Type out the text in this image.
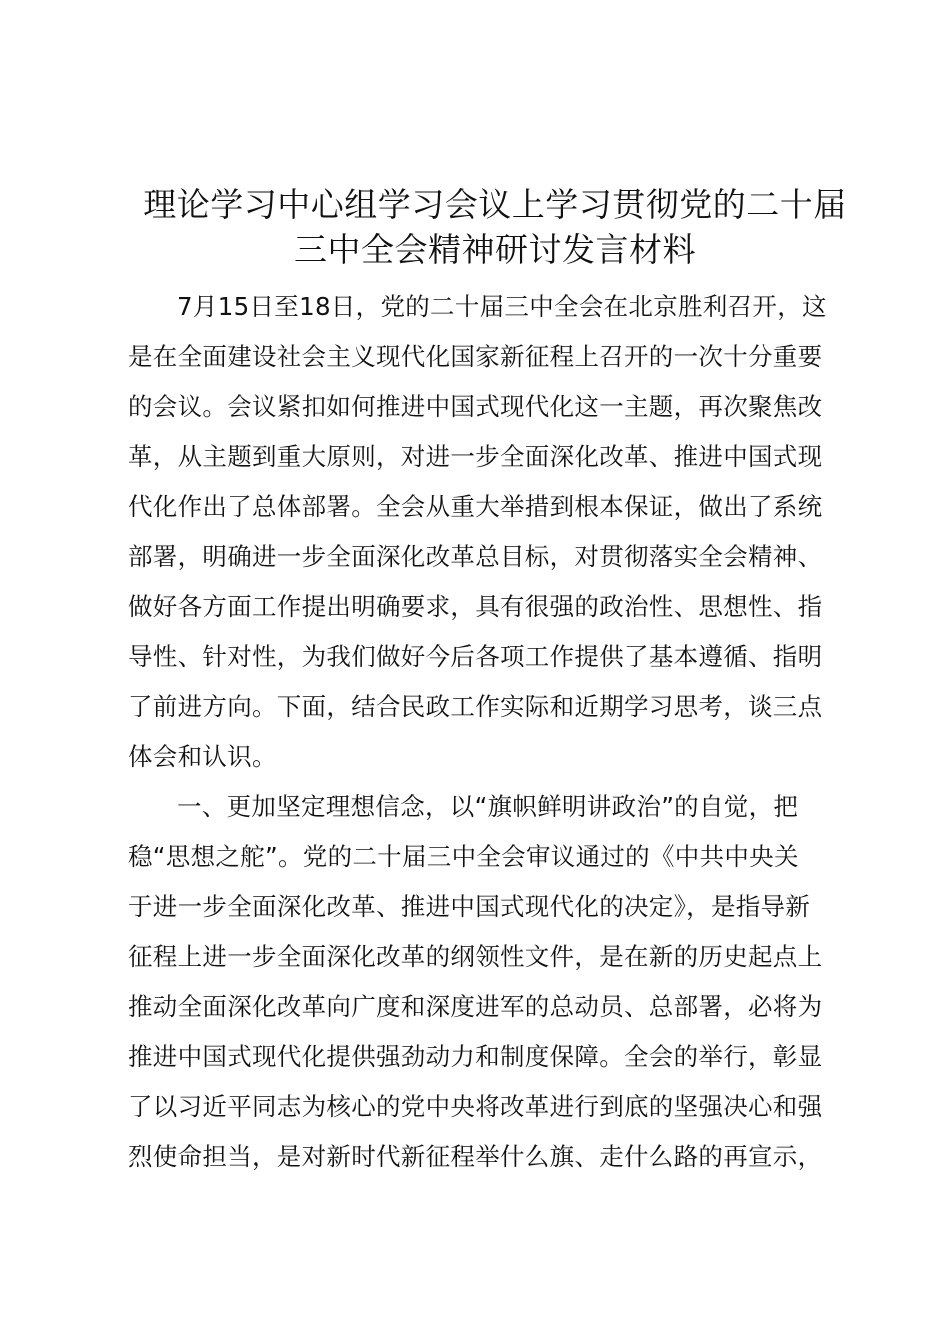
理论学习中心组学习会议上学习贯彻党的二十届
三中全会精神研讨发言材料
7月15日至18日，党的二十届三中全会在北京胜利召开，这
是在全面建设社会主义现代化国家新征程上召开的一次十分重要
的会议。会议紧扣如何推进中国式现代化这一主题，再次聚焦改
革，从主题到重大原则，对进一步全面深化改革、推进中国式现
代化作出了总体部署。全会从重大举措到根本保证，做出了系统
部署，明确进一步全面深化改革总目标，对贯彻落实全会精神、
做好各方面工作提出明确要求，具有很强的政治性、思想性、指
导性、针对性，为我们做好今后各项工作提供了基本遵循、指明
了前进方向。下面，结合民政工作实际和近期学习思考，谈三点
体会和认识。
一、更加坚定理想信念，以“旗帜鲜明讲政治”的自觉，把
稳“思想之舵”。党的二十届三中全会审议通过的《中共中央关
于进一步全面深化改革、推进中国式现代化的决定》，是指导新
征程上进一步全面深化改革的纲领性文件，是在新的历史起点上
推动全面深化改革向广度和深度进军的总动员、总部署，必将为
推进中国式现代化提供强劲动力和制度保障。全会的举行，彰显
了以习近平同志为核心的党中央将改革进行到底的坚强决心和强
烈使命担当，是对新时代新征程举什么旗、走什么路的再宣示，
